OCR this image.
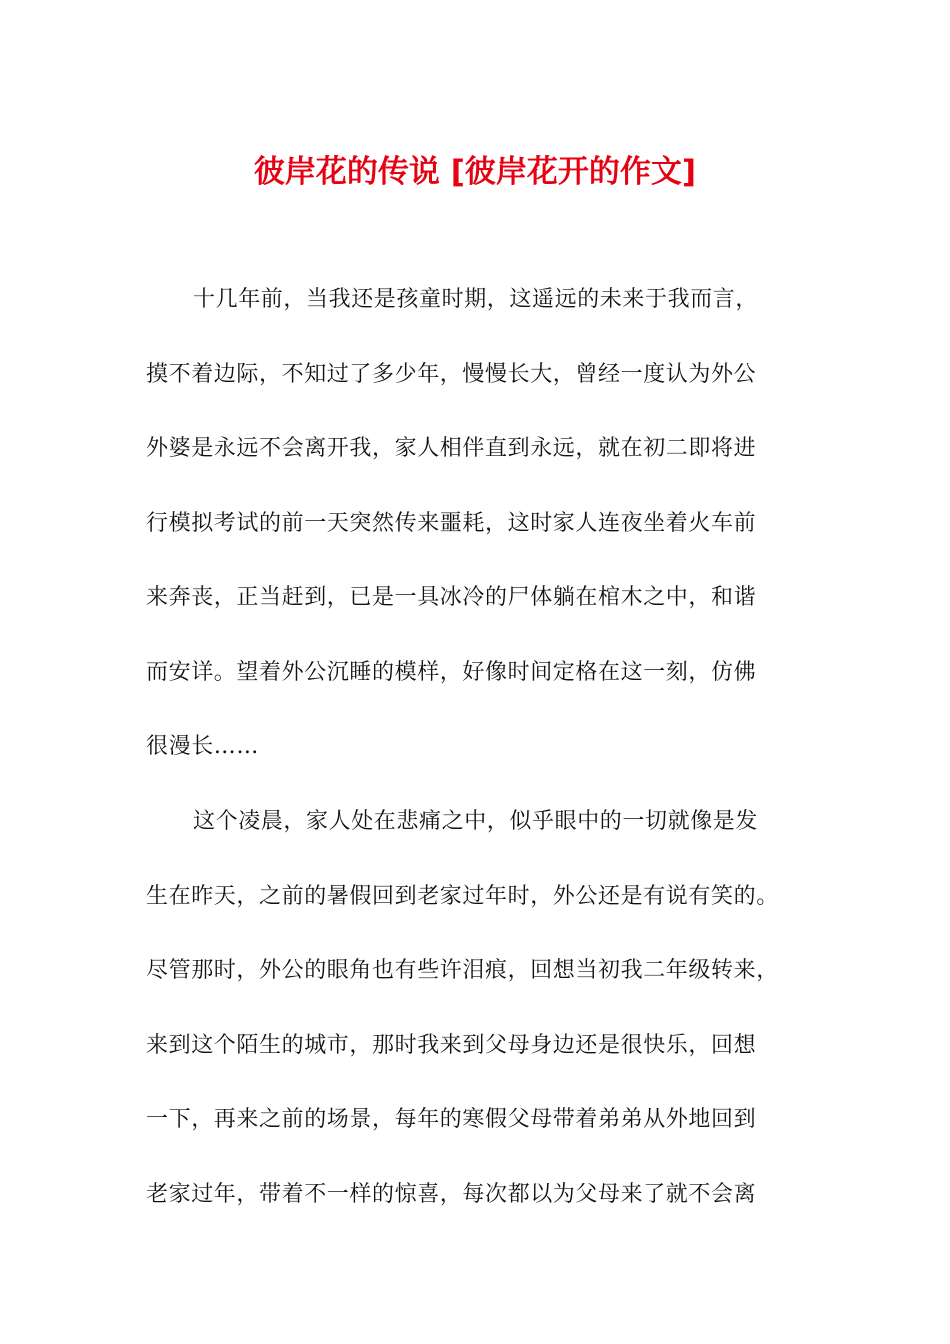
彼岸花的传说 [彼岸花开的作文]
十几年前，当我还是孩童时期，这遥远的未来于我而言，
摸不着边际，不知过了多少年，慢慢长大，曾经一度认为外公
外婆是永远不会离开我，家人相伴直到永远，就在初二即将进
行模拟考试的前一天突然传来噩耗，这时家人连夜坐着火车前
来奔丧，正当赶到，已是一具冰冷的尸体躺在棺木之中，和谐
而安详。望着外公沉睡的模样，好像时间定格在这一刻，仿佛
很漫长……
这个凌晨，家人处在悲痛之中，似乎眼中的一切就像是发
生在昨天，之前的暑假回到老家过年时，外公还是有说有笑的。
尽管那时，外公的眼角也有些许泪痕，回想当初我二年级转来，
来到这个陌生的城市，那时我来到父母身边还是很快乐，回想
一下，再来之前的场景，每年的寒假父母带着弟弟从外地回到
老家过年，带着不一样的惊喜，每次都以为父母来了就不会离
